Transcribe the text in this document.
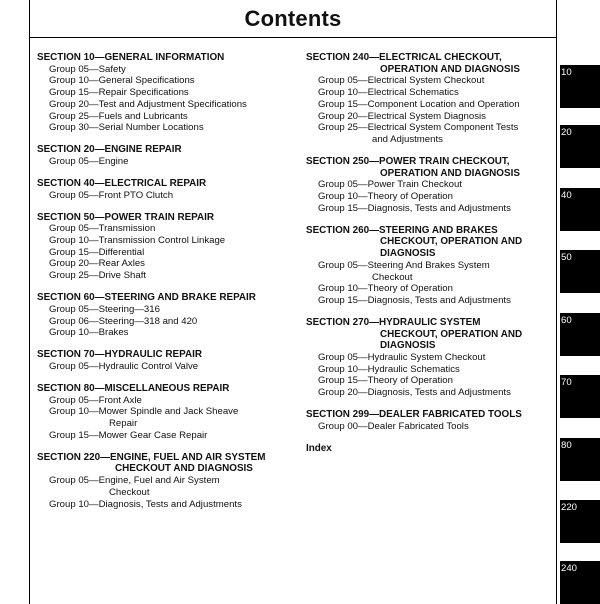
Contents
SECTION 10—GENERAL INFORMATION
Group 05—Safety
Group 10—General Specifications
Group 15—Repair Specifications
Group 20—Test and Adjustment Specifications
Group 25—Fuels and Lubricants
Group 30—Serial Number Locations
SECTION 20—ENGINE REPAIR
Group 05—Engine
SECTION 40—ELECTRICAL REPAIR
Group 05—Front PTO Clutch
SECTION 50—POWER TRAIN REPAIR
Group 05—Transmission
Group 10—Transmission Control Linkage
Group 15—Differential
Group 20—Rear Axles
Group 25—Drive Shaft
SECTION 60—STEERING AND BRAKE REPAIR
Group 05—Steering—316
Group 06—Steering—318 and 420
Group 10—Brakes
SECTION 70—HYDRAULIC REPAIR
Group 05—Hydraulic Control Valve
SECTION 80—MISCELLANEOUS REPAIR
Group 05—Front Axle
Group 10—Mower Spindle and Jack Sheave
Repair
Group 15—Mower Gear Case Repair
SECTION 220—ENGINE, FUEL AND AIR SYSTEM
CHECKOUT AND DIAGNOSIS
Group 05—Engine, Fuel and Air System
Checkout
Group 10—Diagnosis, Tests and Adjustments
SECTION 240—ELECTRICAL CHECKOUT,
OPERATION AND DIAGNOSIS
Group 05—Electrical System Checkout
Group 10—Electrical Schematics
Group 15—Component Location and Operation
Group 20—Electrical System Diagnosis
Group 25—Electrical System Component Tests
and Adjustments
SECTION 250—POWER TRAIN CHECKOUT,
OPERATION AND DIAGNOSIS
Group 05—Power Train Checkout
Group 10—Theory of Operation
Group 15—Diagnosis, Tests and Adjustments
SECTION 260—STEERING AND BRAKES
CHECKOUT, OPERATION AND
DIAGNOSIS
Group 05—Steering And Brakes System
Checkout
Group 10—Theory of Operation
Group 15—Diagnosis, Tests and Adjustments
SECTION 270—HYDRAULIC SYSTEM
CHECKOUT, OPERATION AND
DIAGNOSIS
Group 05—Hydraulic System Checkout
Group 10—Hydraulic Schematics
Group 15—Theory of Operation
Group 20—Diagnosis, Tests and Adjustments
SECTION 299—DEALER FABRICATED TOOLS
Group 00—Dealer Fabricated Tools
Index
10
20
40
50
60
70
80
220
240
